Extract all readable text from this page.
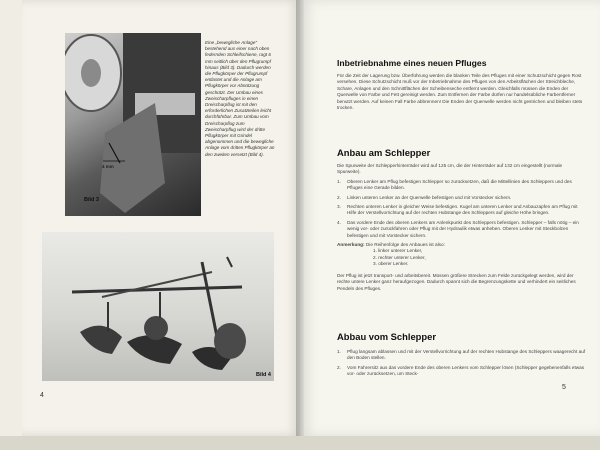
4 mm
Bild 3
Eine „bewegliche Anlage" bestehend aus einer nach oben federnden Schleifschiene, ragt 6 mm seitlich über den Pflugrumpf hinaus (Bild 3). Dadurch werden die Pflugkörper der Pflugrumpf entlastet und die Anlage am Pflugkörper vor Abnützung geschützt. Der Umbau eines Zweischarpfluges in einen Dreischarpflug ist mit den erforderlichen Zusatzteilen leicht durchführbar. Zum Umbau vom Dreischarpflug zum Zweischarpflug wird der dritte Pflugkörper mit Grindel abgenommen und die bewegliche Anlage vom dritten Pflugkörper an den zweiten versetzt (Bild 4).
Bild 4
4

Inbetriebnahme eines neuen Pfluges

Für die Zeit der Lagerung bzw. Überführung werden die blanken Teile des Pfluges mit einer Schutzschicht gegen Rost versehen. Diese Schutzschicht muß vor der Inbetriebnahme des Pfluges von den Arbeitsflächen der Streichbleche, Schare, Anlagen und den Schnittflächen der Scheibenseche entfernt werden. Gleichfalls müssen die Enden der Querwelle von Farbe und Fett gereinigt werden. Zum Entfernen der Farbe dürfen nur handelsübliche Farbentferner benutzt werden. Auf keinen Fall Farbe abbrennen! Die Enden der Querwelle werden nicht gestrichen und bleiben stets trocken.

Anbau am Schlepper

Die Spurweite der Schlepperhinterräder wird auf 125 cm, die der Hinterräder auf 132 cm eingestellt (normale Spurweite).

1.	Oberen Lenker am Pflug befestigen Schlepper so zurücksetzen, daß die Mittellinien des Schleppers und des Pfluges eine Gerade bilden.

2.	Linken unteren Lenker an der Querwelle befestigen und mit Vorstecker sichern.

3.	Rechten unteren Lenker in gleicher Weise befestigen. Kugel am unteren Lenker und Anbauzapfen am Pflug mit Hilfe der Verstellvorrichtung auf der rechten Hubstange des Schleppers auf gleiche Höhe bringen.

4.	Das vordere Ende des oberen Lenkers am Anlenkpunkt des Schleppers befestigen. Schlepper – falls nötig – ein wenig vor- oder zurückfahren oder Pflug mit der Hydraulik etwas anheben. Oberen Lenker mit Steckbolzen befestigen und mit Vorstecker sichern.

Anmerkung: Die Reihenfolge des Anbaues ist also:

1. linker unterer Lenker,

2. rechter unterer Lenker,

3. oberer Lenker.

Der Pflug ist jetzt transport- und arbeitsbereit. Müssen größere Strecken zum Felde zurückgelegt werden, wird der rechte untere Lenker ganz heraufgezogen. Dadurch spannt sich die Begrenzungskette und verhindert ein seitliches Pendeln des Pfluges.

Abbau vom Schlepper

1.	Pflug langsam ablassen und mit der Verstellvorrichtung auf der rechten Hubstange des Schleppers waagerecht auf den Boden stellen.

2.	Vom Fahrersitz aus das vordere Ende des oberen Lenkers vom Schlepper lösen (Schlepper gegebenenfalls etwas vor- oder zurücksetzen, um Steck-

5
